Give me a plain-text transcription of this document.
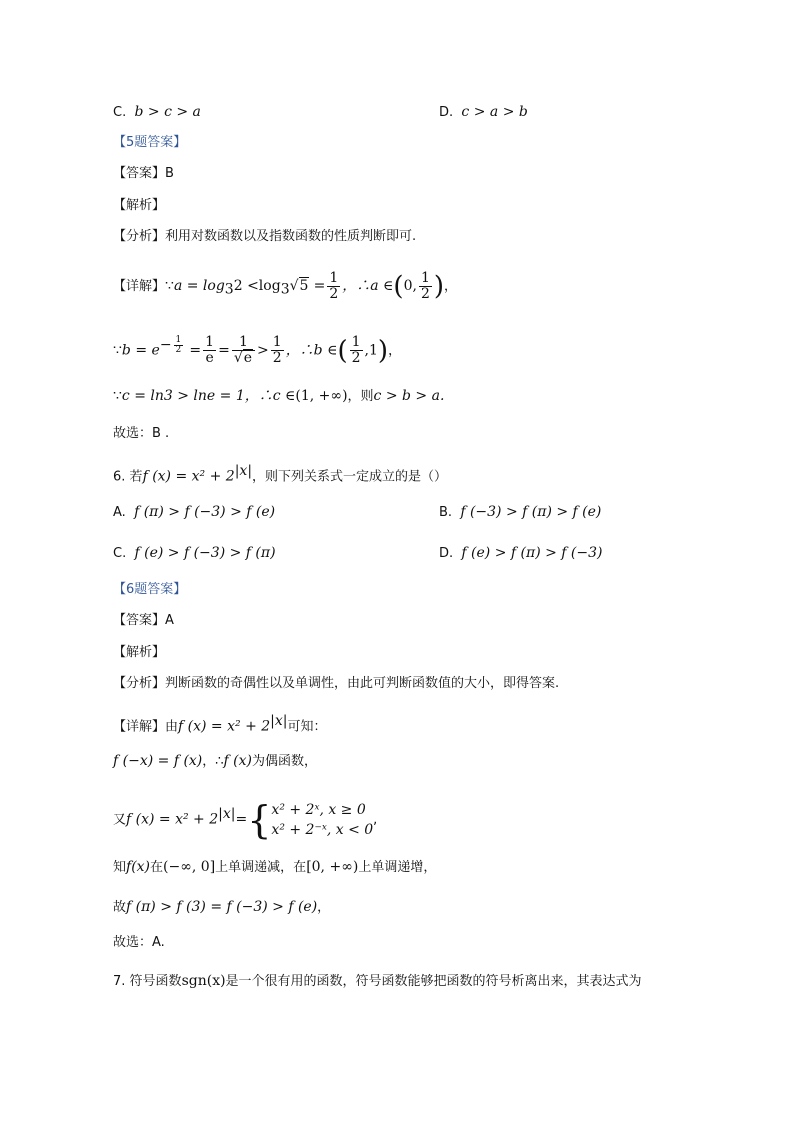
C. b > c > a	D. c > a > b
【5题答案】
【答案】B
【解析】
【分析】利用对数函数以及指数函数的性质判断即可.
【详解】∵a = $\log_32 <\log_3√5 = \frac{1}{2}$ ，∴a ∈(0, $\frac{1}{2}$ )，
∵b = $e^{- \frac{1}{2}} = \frac{1}{e} = \frac{1}{√e} > \frac{1}{2}$ ，∴b ∈( $\frac{1}{2} ,1$)，
∵c = ln3 > lne = 1，∴c ∈(1, +∞)，则c > b > a.
故选：B .
6. 若f $(x) = x^2 + 2^{|x|}$，则下列关系式一定成立的是（）
A. f (π) > f (−3) > f (e)	B. f (−3) > f (π) > f (e)
C. f (e) > f (−3) > f (π)	D. f (e) > f (π) > f (−3)
【6题答案】
【答案】A
【解析】
【分析】判断函数的奇偶性以及单调性，由此可判断函数值的大小，即得答案.
【详解】由f $(x) = x^2 + 2^{|x|}$可知：
f (−x) = f (x)，∴f (x)为偶函数，
又f $(x) = x^2 + 2^{|x|}=${ x² + 2ˣ, x ≥ 0
x² + 2⁻ˣ, x < 0
,
知f(x)在(−∞, 0]上单调递减，在[0, +∞)上单调递增，
故f (π) > f (3) = f (−3) > f (e)，
故选：A.
7. 符号函数sgn(x)是一个很有用的函数，符号函数能够把函数的符号析离出来，其表达式为
